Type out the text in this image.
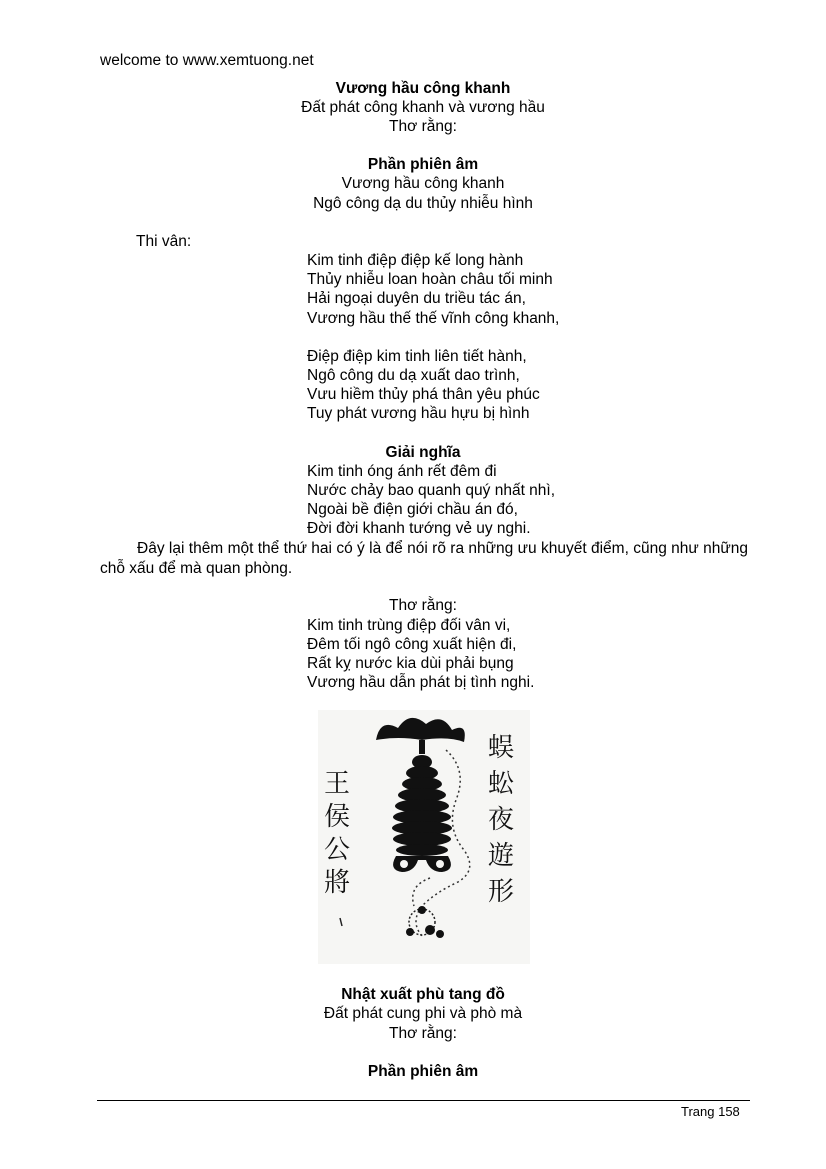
welcome to www.xemtuong.net
Vương hầu công khanh
Đất phát công khanh và vương hầu
Thơ rằng:
Phần phiên âm
Vương hầu công khanh
Ngô công dạ du thủy nhiễu hình
Thi vân:
Kim tinh điệp điệp kế long hành
Thủy nhiễu loan hoàn châu tối minh
Hải ngoại duyên du triều tác án,
Vương hầu thế thế vĩnh công khanh,
Điệp điệp kim tinh liên tiết hành,
Ngô công du dạ xuất dao trình,
Vưu hiềm thủy phá thân yêu phúc
Tuy phát vương hầu hựu bị hình
Giải nghĩa
Kim tinh óng ánh rết đêm đi
Nước chảy bao quanh quý nhất nhì,
Ngoài bề điện giới chầu án đó,
Đời đời khanh tướng vẻ uy nghi.
Đây lại thêm một thể thứ hai có ý là để nói rõ ra những ưu khuyết điểm, cũng như những chỗ xấu để mà quan phòng.
Thơ rằng:
Kim tinh trùng điệp đối vân vi,
Đêm tối ngô công xuất hiện đi,
Rất kỵ nước kia dùi phải bụng
Vương hầu dẫn phát bị tình nghi.
王侯公將
蜈蚣夜遊形
Nhật xuất phù tang đồ
Đất phát cung phi và phò mà
Thơ rằng:
Phần phiên âm
Trang 158
